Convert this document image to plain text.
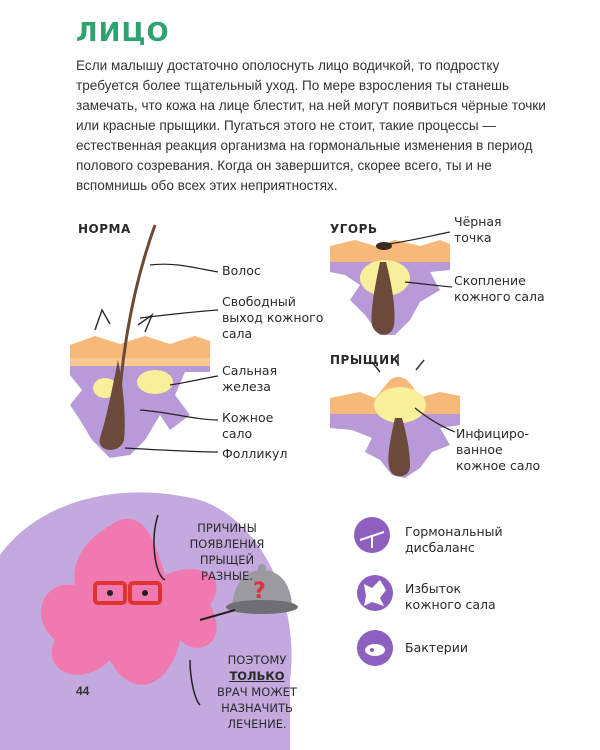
ЛИЦО
Если малышу достаточно ополоснуть лицо водичкой, то подростку требуется более тщательный уход. По мере взросления ты станешь замечать, что кожа на лице блестит, на ней могут появиться чёрные точки или красные прыщики. Пугаться этого не стоит, такие процессы — естественная реакция организма на гормональные изменения в период полового созревания. Когда он завершится, скорее всего, ты и не вспомнишь обо всех этих неприятностях.
?
НОРМА
Волос
Свободный
выход кожного
сала
Сальная
железа
Кожное
сало
Фолликул
УГОРЬ	Чёрная
точка
Скопление
кожного сала
ПРЫЩИК
Инфициро-
ванное
кожное сало
Гормональный
дисбаланс
Избыток
кожного сала
Бактерии
ПРИЧИНЫ
ПОЯВЛЕНИЯ
ПРЫЩЕЙ
РАЗНЫЕ.
ПОЭТОМУ
ТОЛЬКО
ВРАЧ МОЖЕТ
НАЗНАЧИТЬ ЛЕЧЕНИЕ.
44
